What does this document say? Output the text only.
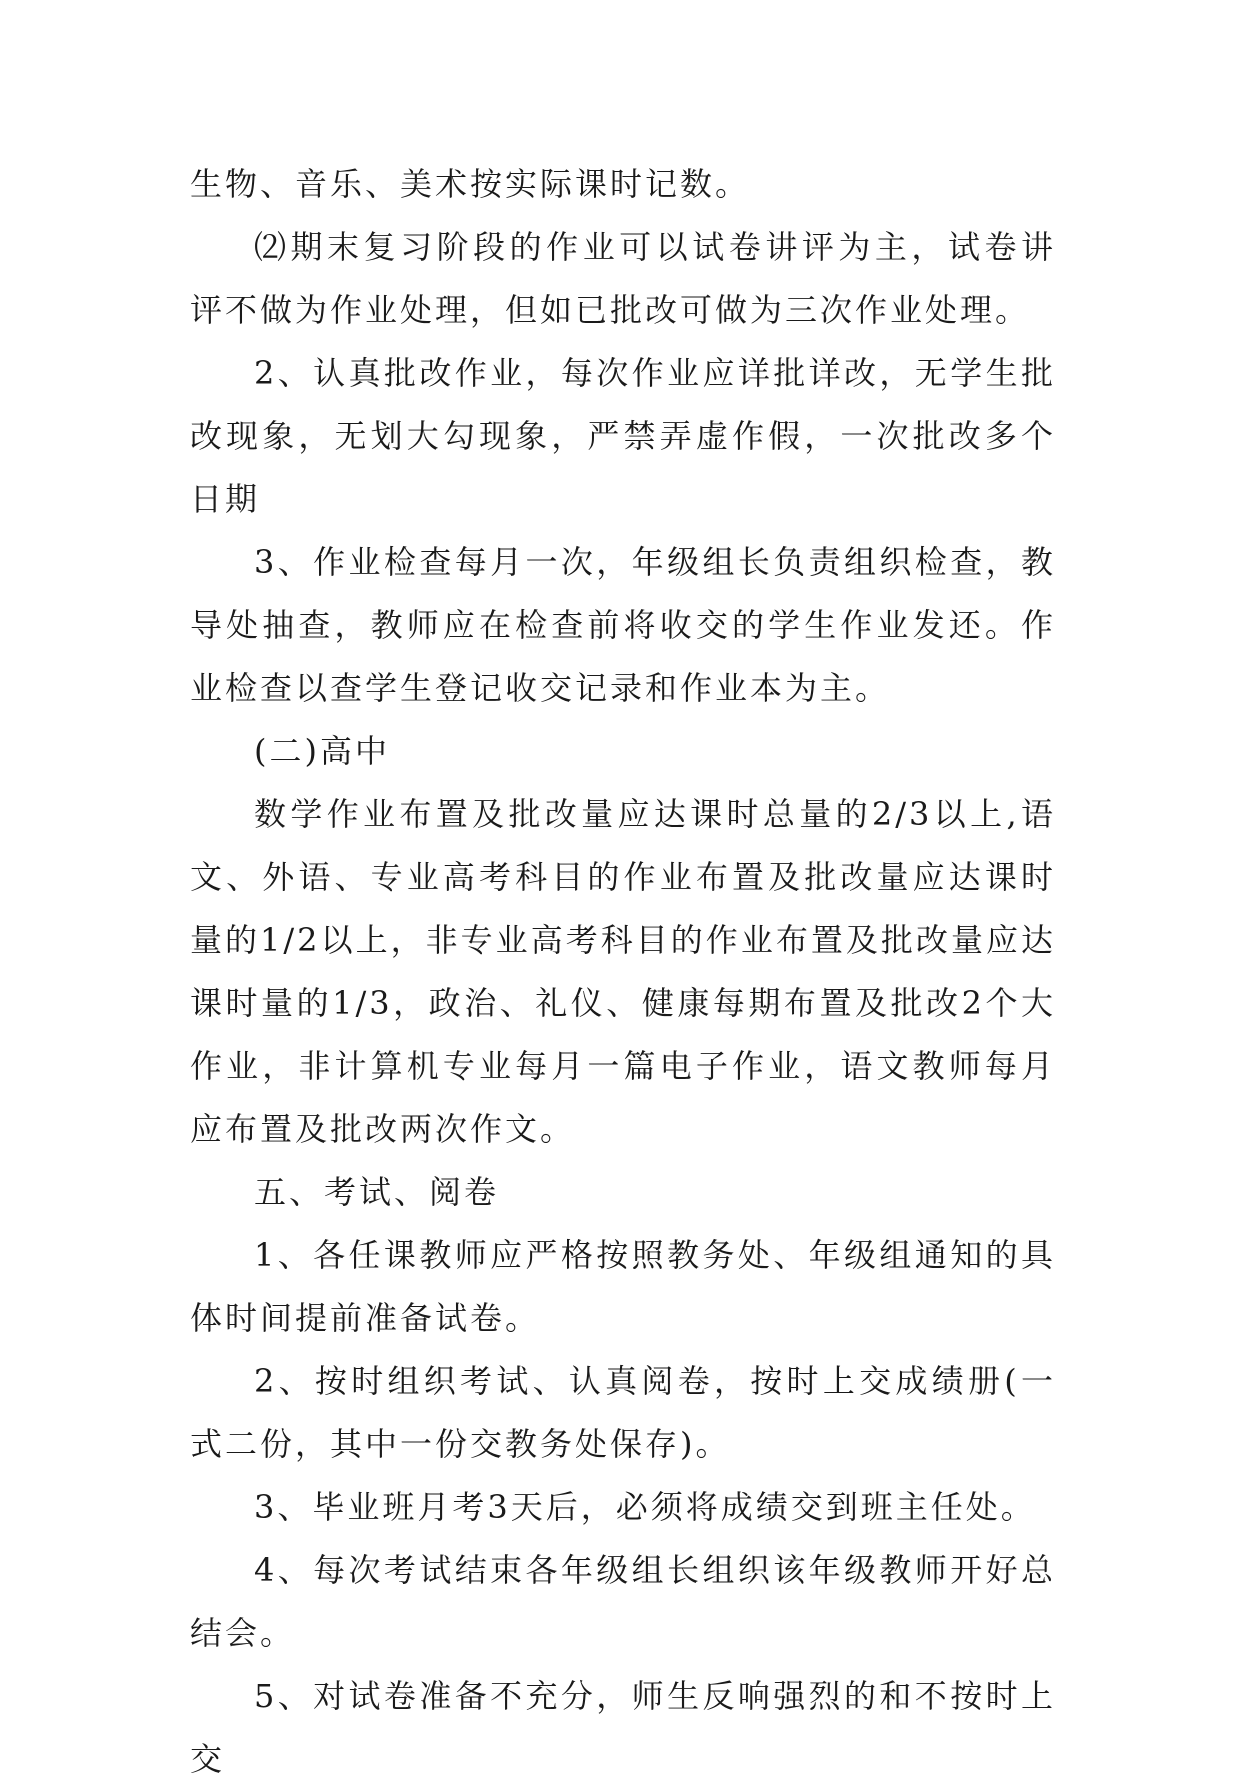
生物、音乐、美术按实际课时记数。

⑵期末复习阶段的作业可以试卷讲评为主，试卷讲评不做为作业处理，但如已批改可做为三次作业处理。

2、认真批改作业，每次作业应详批详改，无学生批改现象，无划大勾现象，严禁弄虚作假，一次批改多个日期

3、作业检查每月一次，年级组长负责组织检查，教导处抽查，教师应在检查前将收交的学生作业发还。作业检查以查学生登记收交记录和作业本为主。

(二)高中

数学作业布置及批改量应达课时总量的2/3以上,语文、外语、专业高考科目的作业布置及批改量应达课时量的1/2以上，非专业高考科目的作业布置及批改量应达课时量的1/3，政治、礼仪、健康每期布置及批改2个大作业，非计算机专业每月一篇电子作业，语文教师每月应布置及批改两次作文。

五、考试、阅卷

1、各任课教师应严格按照教务处、年级组通知的具体时间提前准备试卷。

2、按时组织考试、认真阅卷，按时上交成绩册(一式二份，其中一份交教务处保存)。

3、毕业班月考3天后，必须将成绩交到班主任处。

4、每次考试结束各年级组长组织该年级教师开好总结会。

5、对试卷准备不充分，师生反响强烈的和不按时上交
